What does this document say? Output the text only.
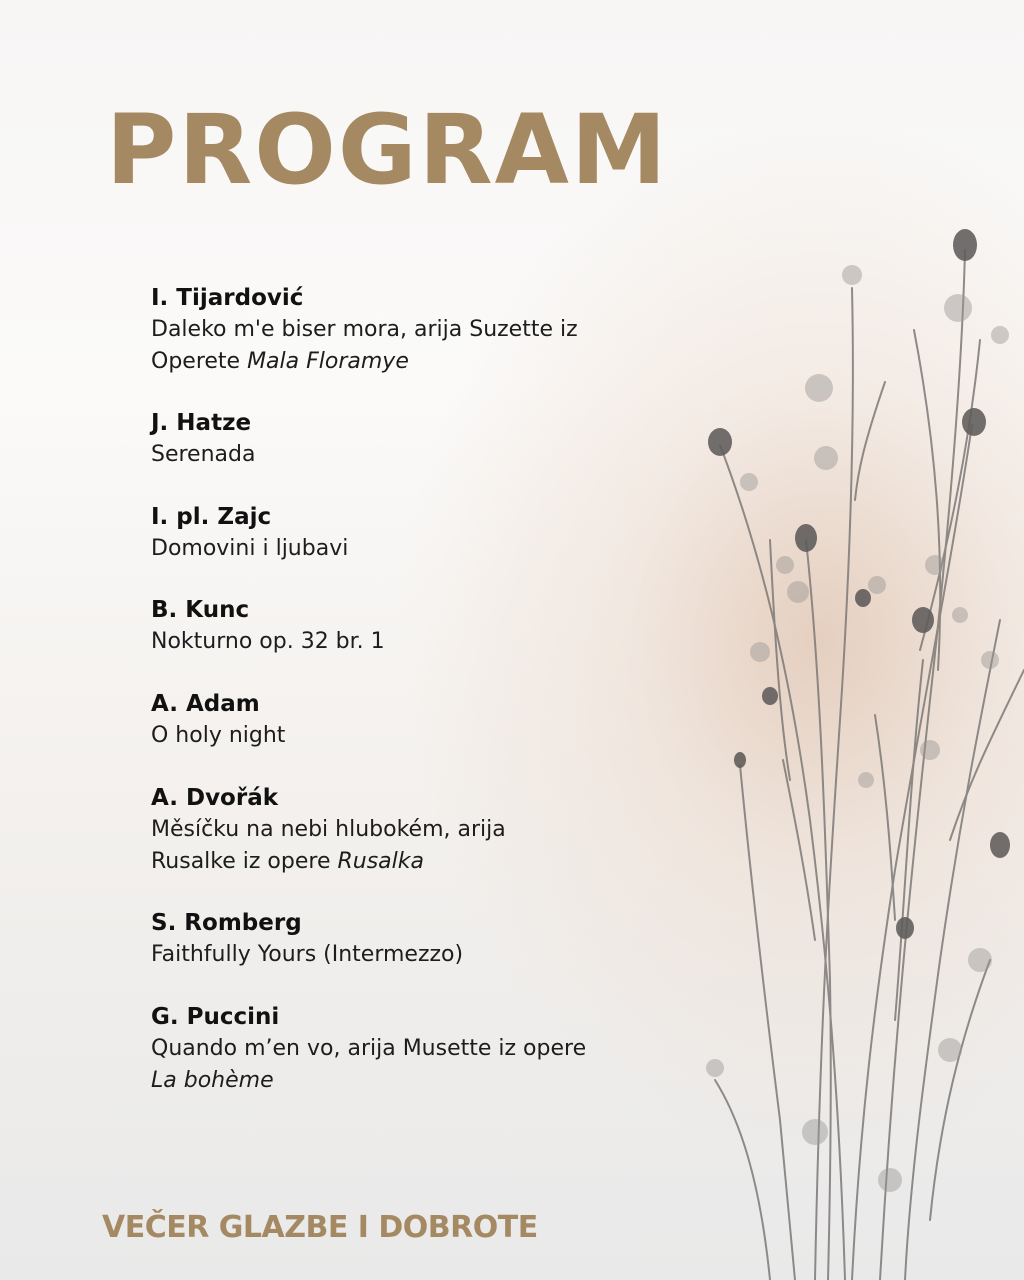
PROGRAM
I. Tijardović
Daleko m'e biser mora, arija Suzette iz
Operete Mala Floramye
J. Hatze
Serenada
I. pl. Zajc
Domovini i ljubavi
B. Kunc
Nokturno op. 32 br. 1
A. Adam
O holy night
A. Dvořák
Měsíčku na nebi hlubokém, arija
Rusalke iz opere Rusalka
S. Romberg
Faithfully Yours (Intermezzo)
G. Puccini
Quando m’en vo, arija Musette iz opere
La bohème
VEČER GLAZBE I DOBROTE
